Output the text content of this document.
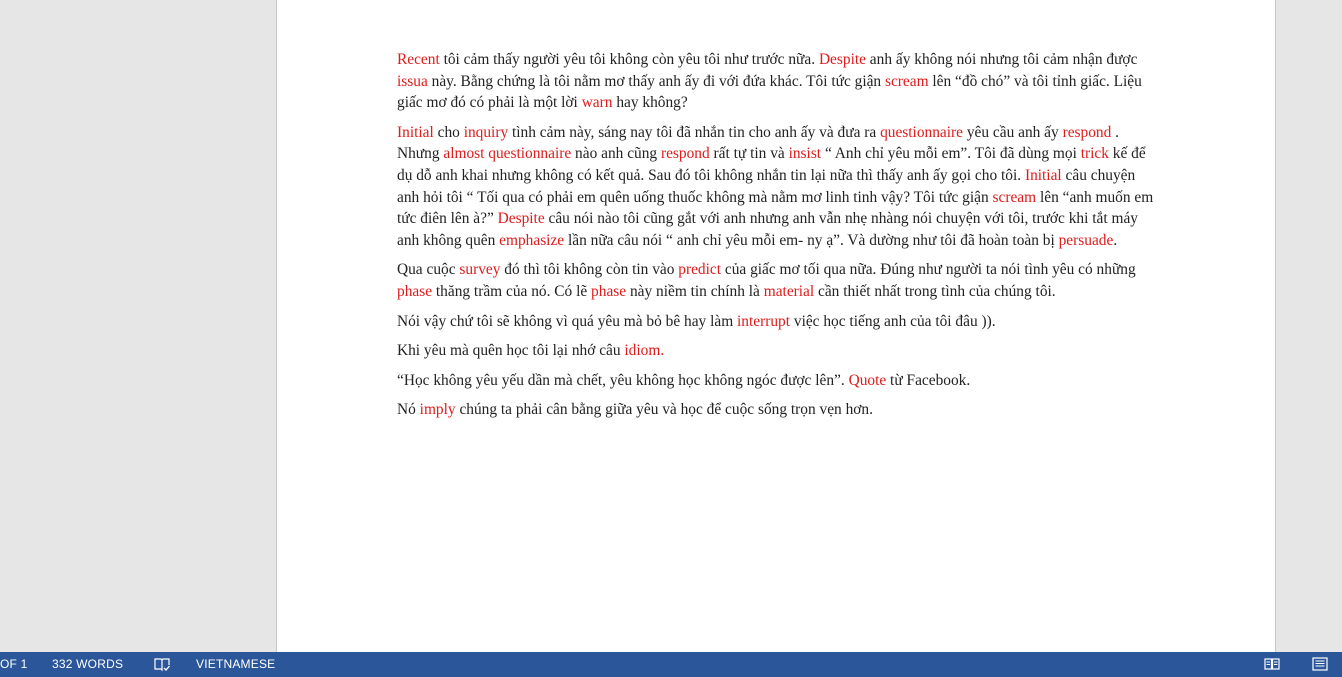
Recent tôi cảm thấy người yêu tôi không còn yêu tôi như trước nữa. Despite anh ấy không nói nhưng tôi cảm nhận được issua này. Bằng chứng là tôi nằm mơ thấy anh ấy đi với đứa khác. Tôi tức giận scream lên “đồ chó” và tôi tỉnh giấc. Liệu giấc mơ đó có phải là một lời warn hay không?

Initial cho inquiry tình cảm này, sáng nay tôi đã nhắn tin cho anh ấy và đưa ra questionnaire yêu cầu anh ấy respond . Nhưng almost questionnaire nào anh cũng respond rất tự tin và insist “ Anh chỉ yêu mỗi em”. Tôi đã dùng mọi trick kế để dụ dỗ anh khai nhưng không có kết quả. Sau đó tôi không nhắn tin lại nữa thì thấy anh ấy gọi cho tôi. Initial câu chuyện anh hỏi tôi “ Tối qua có phải em quên uống thuốc không mà nằm mơ linh tinh vậy? Tôi tức giận scream lên “anh muốn em tức điên lên à?” Despite câu nói nào tôi cũng gắt với anh nhưng anh vẫn nhẹ nhàng nói chuyện với tôi, trước khi tắt máy anh không quên emphasize lần nữa câu nói “ anh chỉ yêu mỗi em- ny ạ”. Và dường như tôi đã hoàn toàn bị persuade.

Qua cuộc survey đó thì tôi không còn tin vào predict của giấc mơ tối qua nữa. Đúng như người ta nói tình yêu có những phase thăng trầm của nó. Có lẽ phase này niềm tin chính là material cần thiết nhất trong tình của chúng tôi.

Nói vậy chứ tôi sẽ không vì quá yêu mà bỏ bê hay làm interrupt việc học tiếng anh của tôi đâu )).

Khi yêu mà quên học tôi lại nhớ câu idiom.

“Học không yêu yếu dần mà chết, yêu không học không ngóc được lên”. Quote từ Facebook.

Nó imply chúng ta phải cân bằng giữa yêu và học để cuộc sống trọn vẹn hơn.

OF 1 332 WORDS	VIETNAMESE
